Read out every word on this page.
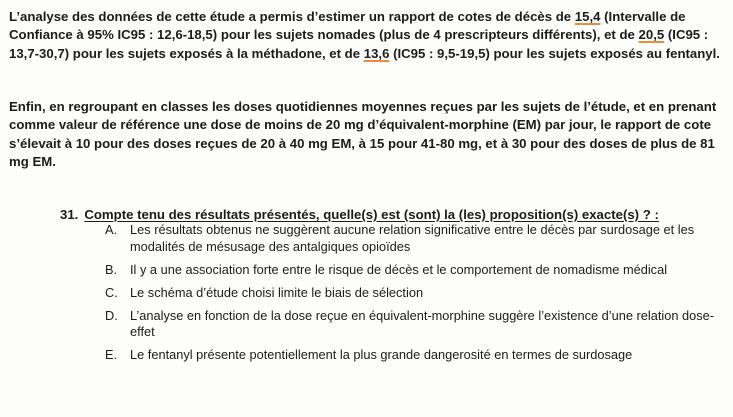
L’analyse des données de cette étude a permis d’estimer un rapport de cotes de décès de 15,4 (Intervalle de Confiance à 95% IC95 : 12,6-18,5) pour les sujets nomades (plus de 4 prescripteurs différents), et de 20,5 (IC95 : 13,7-30,7) pour les sujets exposés à la méthadone, et de 13,6 (IC95 : 9,5-19,5) pour les sujets exposés au fentanyl.

Enfin, en regroupant en classes les doses quotidiennes moyennes reçues par les sujets de l’étude, et en prenant comme valeur de référence une dose de moins de 20 mg d’équivalent-morphine (EM) par jour, le rapport de cote s’élevait à 10 pour des doses reçues de 20 à 40 mg EM, à 15 pour 41-80 mg, et à 30 pour des doses de plus de 81 mg EM.

31. Compte tenu des résultats présentés, quelle(s) est (sont) la (les) proposition(s) exacte(s) ? :
A.	Les résultats obtenus ne suggèrent aucune relation significative entre le décès par surdosage et les modalités de mésusage des antalgiques opioïdes
B.	Il y a une association forte entre le risque de décès et le comportement de nomadisme médical
C. Le schéma d’étude choisi limite le biais de sélection
D. L’analyse en fonction de la dose reçue en équivalent-morphine suggère l’existence d’une relation dose-effet
E.	Le fentanyl présente potentiellement la plus grande dangerosité en termes de surdosage
